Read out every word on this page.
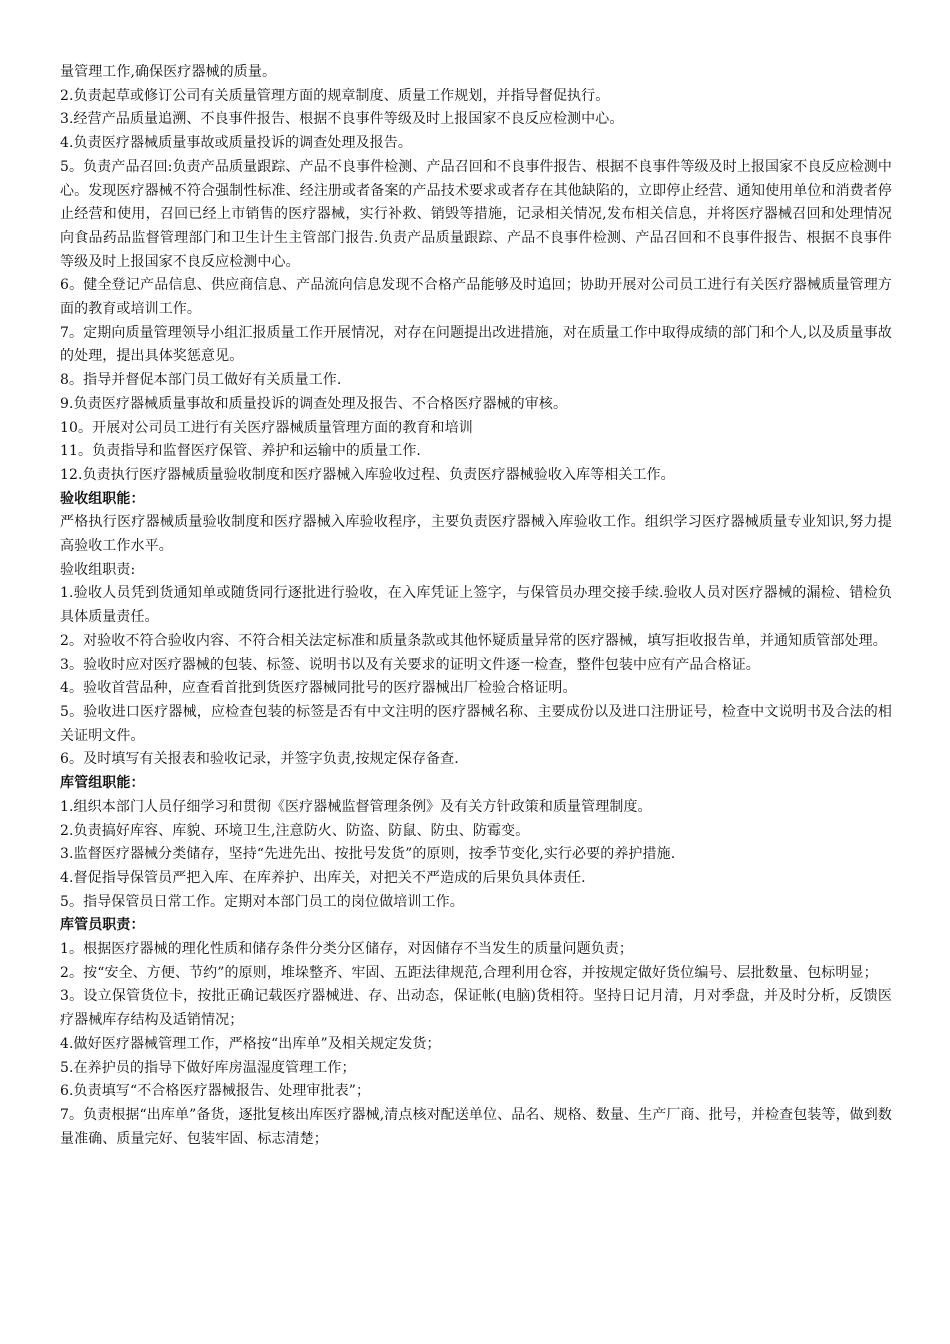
量管理工作,确保医疗器械的质量。

2.负责起草或修订公司有关质量管理方面的规章制度、质量工作规划，并指导督促执行。

3.经营产品质量追溯、不良事件报告、根据不良事件等级及时上报国家不良反应检测中心。

4.负责医疗器械质量事故或质量投诉的调查处理及报告。

5。负责产品召回:负责产品质量跟踪、产品不良事件检测、产品召回和不良事件报告、根据不良事件等级及时上报国家不良反应检测中心。发现医疗器械不符合强制性标准、经注册或者备案的产品技术要求或者存在其他缺陷的，立即停止经营、通知使用单位和消费者停止经营和使用，召回已经上市销售的医疗器械，实行补救、销毁等措施，记录相关情况,发布相关信息，并将医疗器械召回和处理情况向食品药品监督管理部门和卫生计生主管部门报告.负责产品质量跟踪、产品不良事件检测、产品召回和不良事件报告、根据不良事件等级及时上报国家不良反应检测中心。

6。健全登记产品信息、供应商信息、产品流向信息发现不合格产品能够及时追回；协助开展对公司员工进行有关医疗器械质量管理方面的教育或培训工作。

7。定期向质量管理领导小组汇报质量工作开展情况，对存在问题提出改进措施，对在质量工作中取得成绩的部门和个人,以及质量事故的处理，提出具体奖惩意见。

8。指导并督促本部门员工做好有关质量工作.

9.负责医疗器械质量事故和质量投诉的调查处理及报告、不合格医疗器械的审核。

10。开展对公司员工进行有关医疗器械质量管理方面的教育和培训

11。负责指导和监督医疗保管、养护和运输中的质量工作.

12.负责执行医疗器械质量验收制度和医疗器械入库验收过程、负责医疗器械验收入库等相关工作。

验收组职能：

严格执行医疗器械质量验收制度和医疗器械入库验收程序，主要负责医疗器械入库验收工作。组织学习医疗器械质量专业知识,努力提高验收工作水平。

验收组职责:

1.验收人员凭到货通知单或随货同行逐批进行验收，在入库凭证上签字，与保管员办理交接手续.验收人员对医疗器械的漏检、错检负具体质量责任。

2。对验收不符合验收内容、不符合相关法定标准和质量条款或其他怀疑质量异常的医疗器械，填写拒收报告单，并通知质管部处理。

3。验收时应对医疗器械的包装、标签、说明书以及有关要求的证明文件逐一检查，整件包装中应有产品合格证。

4。验收首营品种，应查看首批到货医疗器械同批号的医疗器械出厂检验合格证明。

5。验收进口医疗器械，应检查包装的标签是否有中文注明的医疗器械名称、主要成份以及进口注册证号，检查中文说明书及合法的相关证明文件。

6。及时填写有关报表和验收记录，并签字负责,按规定保存备查.

库管组职能：

1.组织本部门人员仔细学习和贯彻《医疗器械监督管理条例》及有关方针政策和质量管理制度。

2.负责搞好库容、库貌、环境卫生,注意防火、防盗、防鼠、防虫、防霉变。

3.监督医疗器械分类储存，坚持“先进先出、按批号发货”的原则，按季节变化,实行必要的养护措施.

4.督促指导保管员严把入库、在库养护、出库关，对把关不严造成的后果负具体责任.

5。指导保管员日常工作。定期对本部门员工的岗位做培训工作。

库管员职责：

1。根据医疗器械的理化性质和储存条件分类分区储存，对因储存不当发生的质量问题负责；

2。按“安全、方便、节约”的原则，堆垛整齐、牢固、五距法律规范,合理利用仓容，并按规定做好货位编号、层批数量、包标明显；

3。设立保管货位卡，按批正确记载医疗器械进、存、出动态，保证帐(电脑)货相符。坚持日记月清，月对季盘，并及时分析，反馈医疗器械库存结构及适销情况；

4.做好医疗器械管理工作，严格按“出库单”及相关规定发货；

5.在养护员的指导下做好库房温湿度管理工作；

6.负责填写“不合格医疗器械报告、处理审批表”；

7。负责根据“出库单”备货，逐批复核出库医疗器械,清点核对配送单位、品名、规格、数量、生产厂商、批号，并检查包装等，做到数量准确、质量完好、包装牢固、标志清楚；
